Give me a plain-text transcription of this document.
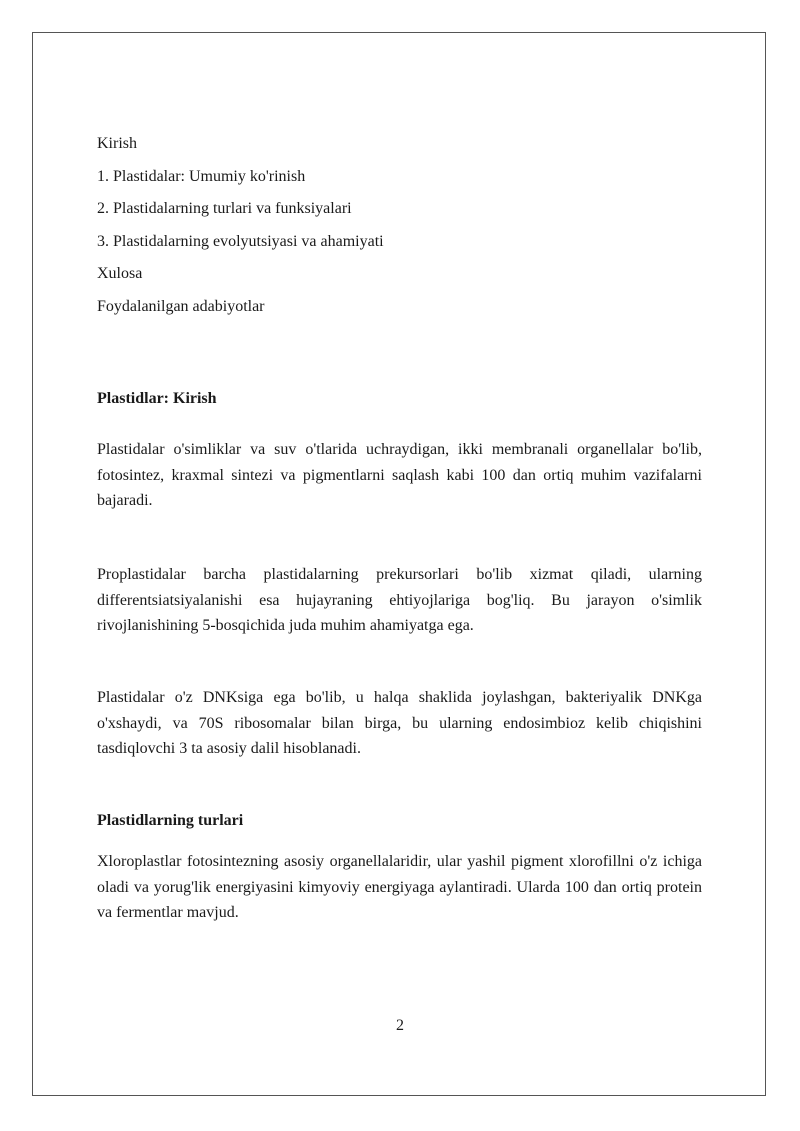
Kirish
1. Plastidalar: Umumiy ko'rinish
2. Plastidalarning turlari va funksiyalari
3. Plastidalarning evolyutsiyasi va ahamiyati
Xulosa
Foydalanilgan adabiyotlar
Plastidlar: Kirish
Plastidalar o'simliklar va suv o'tlarida uchraydigan, ikki membranali organellalar bo'lib, fotosintez, kraxmal sintezi va pigmentlarni saqlash kabi 100 dan ortiq muhim vazifalarni bajaradi.
Proplastidalar barcha plastidalarning prekursorlari bo'lib xizmat qiladi, ularning differentsiatsiyalanishi esa hujayraning ehtiyojlariga bog'liq. Bu jarayon o'simlik rivojlanishining 5-bosqichida juda muhim ahamiyatga ega.
Plastidalar o'z DNKsiga ega bo'lib, u halqa shaklida joylashgan, bakteriyalik DNKga o'xshaydi, va 70S ribosomalar bilan birga, bu ularning endosimbioz kelib chiqishini tasdiqlovchi 3 ta asosiy dalil hisoblanadi.
Plastidlarning turlari
Xloroplastlar fotosintezning asosiy organellalaridir, ular yashil pigment xlorofillni o'z ichiga oladi va yorug'lik energiyasini kimyoviy energiyaga aylantiradi. Ularda 100 dan ortiq protein va fermentlar mavjud.
2
